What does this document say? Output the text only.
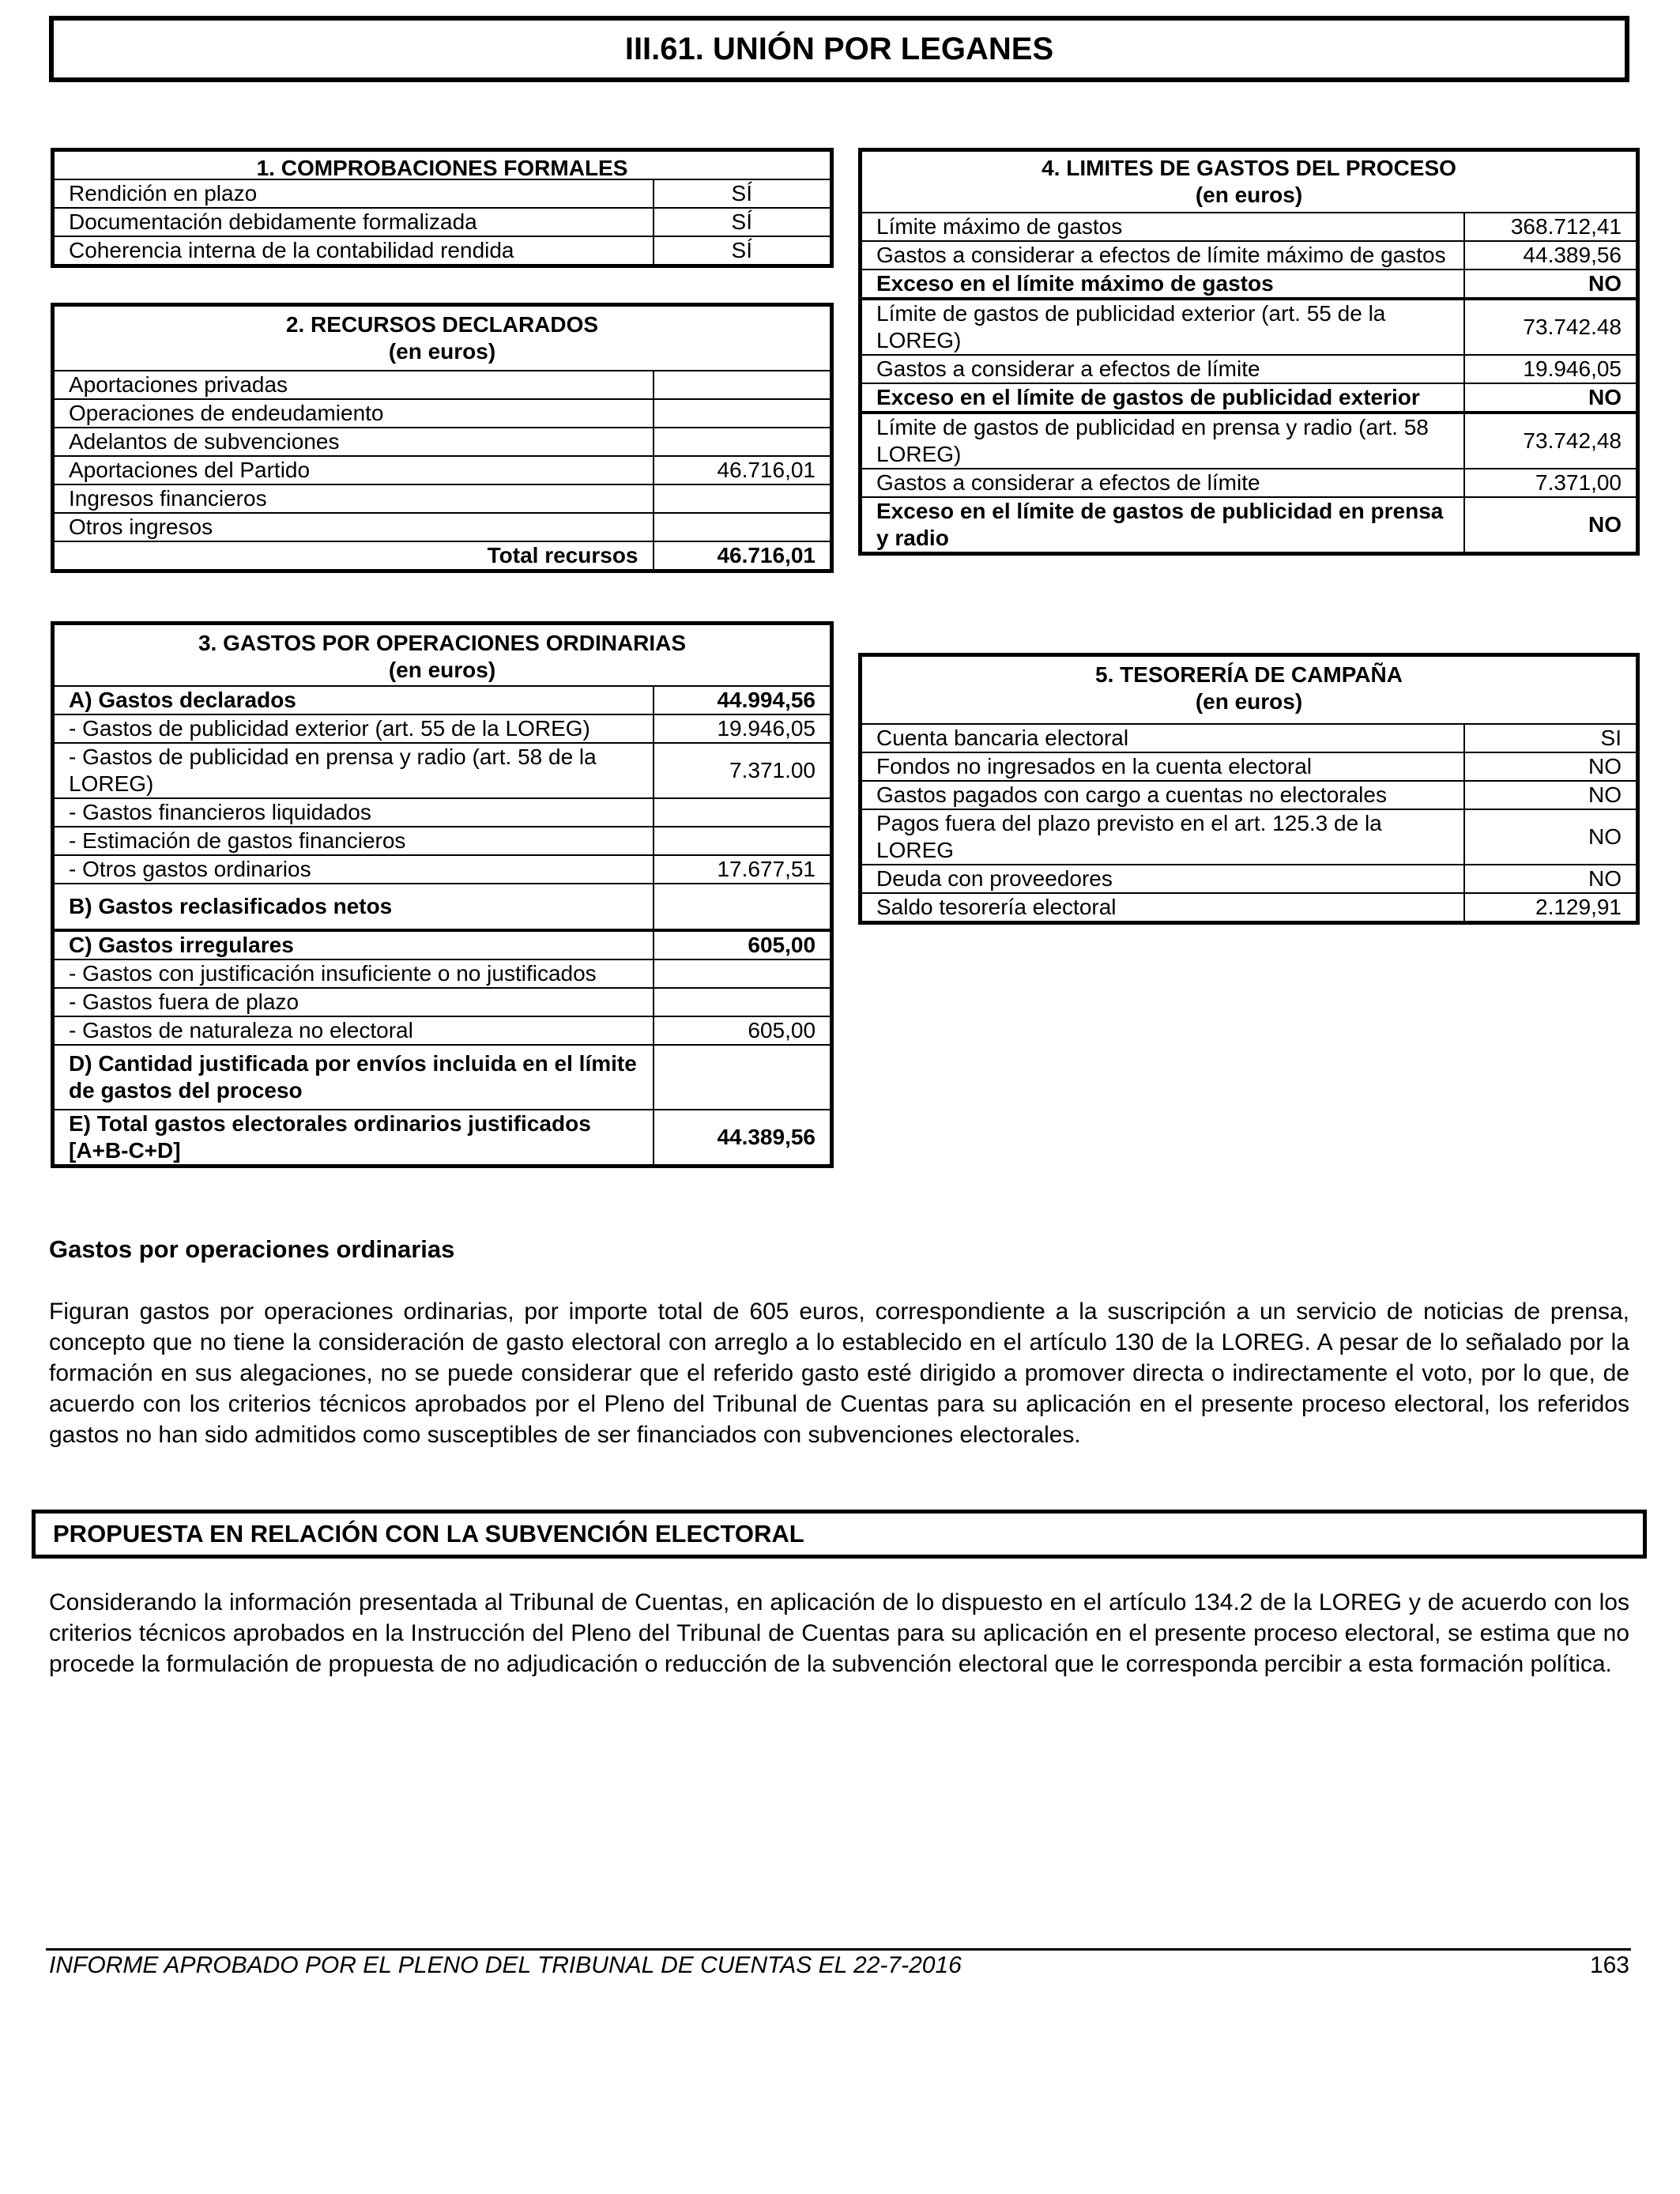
III.61. UNIÓN POR LEGANES
1. COMPROBACIONES FORMALES	
Rendición en plazo	SÍ
Documentación debidamente formalizada	SÍ
Coherencia interna de la contabilidad rendida	SÍ
2. RECURSOS DECLARADOS
(en euros)	

Aportaciones privadas	
Operaciones de endeudamiento	
Adelantos de subvenciones	
Aportaciones del Partido	46.716,01
Ingresos financieros	
Otros ingresos	
Total recursos	46.716,01
3. GASTOS POR OPERACIONES ORDINARIAS
(en euros)	

A) Gastos declarados	44.994,56
- Gastos de publicidad exterior (art. 55 de la LOREG)	19.946,05
- Gastos de publicidad en prensa y radio (art. 58 de la LOREG)	7.371.00
- Gastos financieros liquidados	
- Estimación de gastos financieros	
- Otros gastos ordinarios	17.677,51
B) Gastos reclasificados netos	
C) Gastos irregulares	605,00
- Gastos con justificación insuficiente o no justificados	
- Gastos fuera de plazo	
- Gastos de naturaleza no electoral	605,00
D) Cantidad justificada por envíos incluida en el límite de gastos del proceso	
E) Total gastos electorales ordinarios justificados [A+B-C+D]	44.389,56
4. LIMITES DE GASTOS DEL PROCESO
(en euros)	

Límite máximo de gastos	368.712,41
Gastos a considerar a efectos de límite máximo de gastos	44.389,56
Exceso en el límite máximo de gastos	NO
Límite de gastos de publicidad exterior (art. 55 de la LOREG)	73.742.48
Gastos a considerar a efectos de límite	19.946,05
Exceso en el límite de gastos de publicidad exterior	NO
Límite de gastos de publicidad en prensa y radio (art. 58 LOREG)	73.742,48
Gastos a considerar a efectos de límite	7.371,00
Exceso en el límite de gastos de publicidad en prensa y radio	NO
5. TESORERÍA DE CAMPAÑA
(en euros)	

Cuenta bancaria electoral	SI
Fondos no ingresados en la cuenta electoral	NO
Gastos pagados con cargo a cuentas no electorales	NO
Pagos fuera del plazo previsto en el art. 125.3 de la LOREG	NO
Deuda con proveedores	NO
Saldo tesorería electoral	2.129,91
Gastos por operaciones ordinarias
Figuran gastos por operaciones ordinarias, por importe total de 605 euros, correspondiente a la suscripción a un servicio de noticias de prensa, concepto que no tiene la consideración de gasto electoral con arreglo a lo establecido en el artículo 130 de la LOREG. A pesar de lo señalado por la formación en sus alegaciones, no se puede considerar que el referido gasto esté dirigido a promover directa o indirectamente el voto, por lo que, de acuerdo con los criterios técnicos aprobados por el Pleno del Tribunal de Cuentas para su aplicación en el presente proceso electoral, los referidos gastos no han sido admitidos como susceptibles de ser financiados con subvenciones electorales.
PROPUESTA EN RELACIÓN CON LA SUBVENCIÓN ELECTORAL
Considerando la información presentada al Tribunal de Cuentas, en aplicación de lo dispuesto en el artículo 134.2 de la LOREG y de acuerdo con los criterios técnicos aprobados en la Instrucción del Pleno del Tribunal de Cuentas para su aplicación en el presente proceso electoral, se estima que no procede la formulación de propuesta de no adjudicación o reducción de la subvención electoral que le corresponda percibir a esta formación política.
INFORME APROBADO POR EL PLENO DEL TRIBUNAL DE CUENTAS EL 22-7-2016	163
